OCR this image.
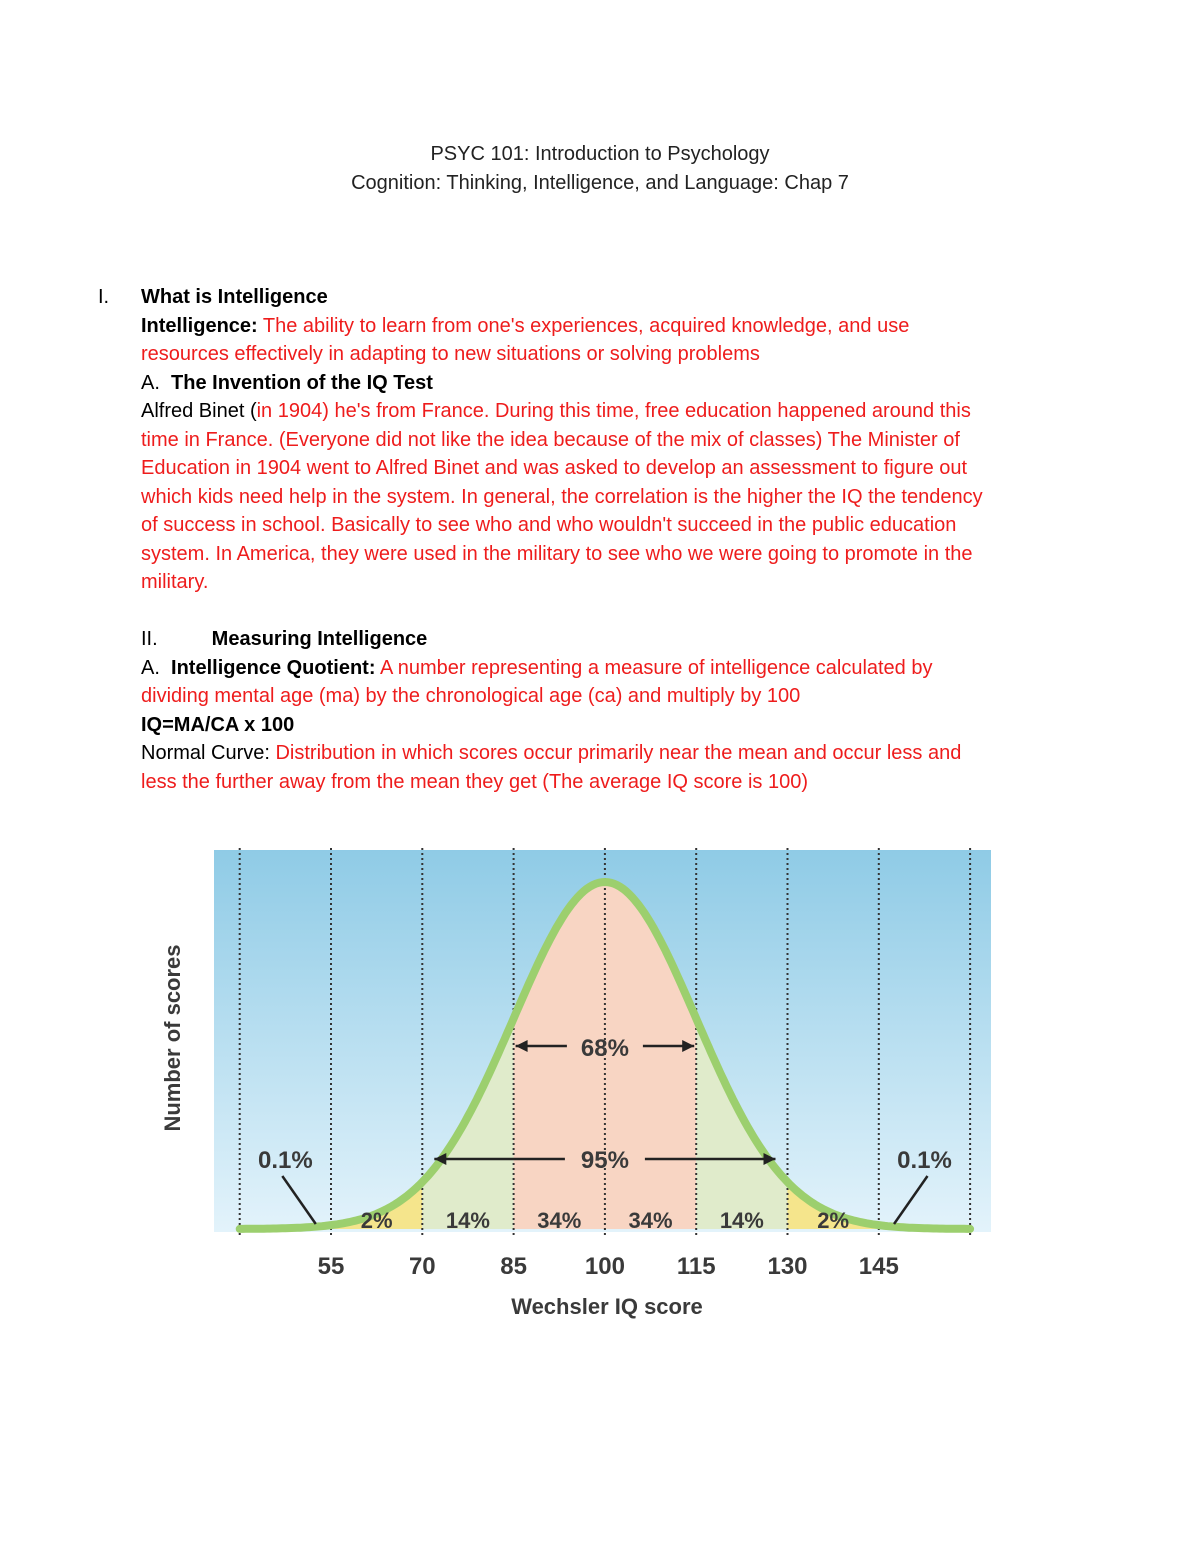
PSYC 101: Introduction to Psychology
Cognition: Thinking, Intelligence, and Language: Chap 7
I. What is Intelligence
Intelligence: The ability to learn from one's experiences, acquired knowledge, and use
resources effectively in adapting to new situations or solving problems
A. The Invention of the IQ Test
Alfred Binet (in 1904) he's from France. During this time, free education happened around this
time in France. (Everyone did not like the idea because of the mix of classes) The Minister of
Education in 1904 went to Alfred Binet and was asked to develop an assessment to figure out
which kids need help in the system. In general, the correlation is the higher the IQ the tendency
of success in school. Basically to see who and who wouldn't succeed in the public education
system. In America, they were used in the military to see who we were going to promote in the
military.
II.	Measuring Intelligence
A. Intelligence Quotient: A number representing a measure of intelligence calculated by
dividing mental age (ma) by the chronological age (ca) and multiply by 100
IQ=MA/CA x 100
Normal Curve: Distribution in which scores occur primarily near the mean and occur less and
less the further away from the mean they get (The average IQ score is 100)
55	70	85 100 115 130 145
2% 14% 34% 34% 14% 2%
68%
95%
0.1%	0.1%
Number of scores
Wechsler IQ score
